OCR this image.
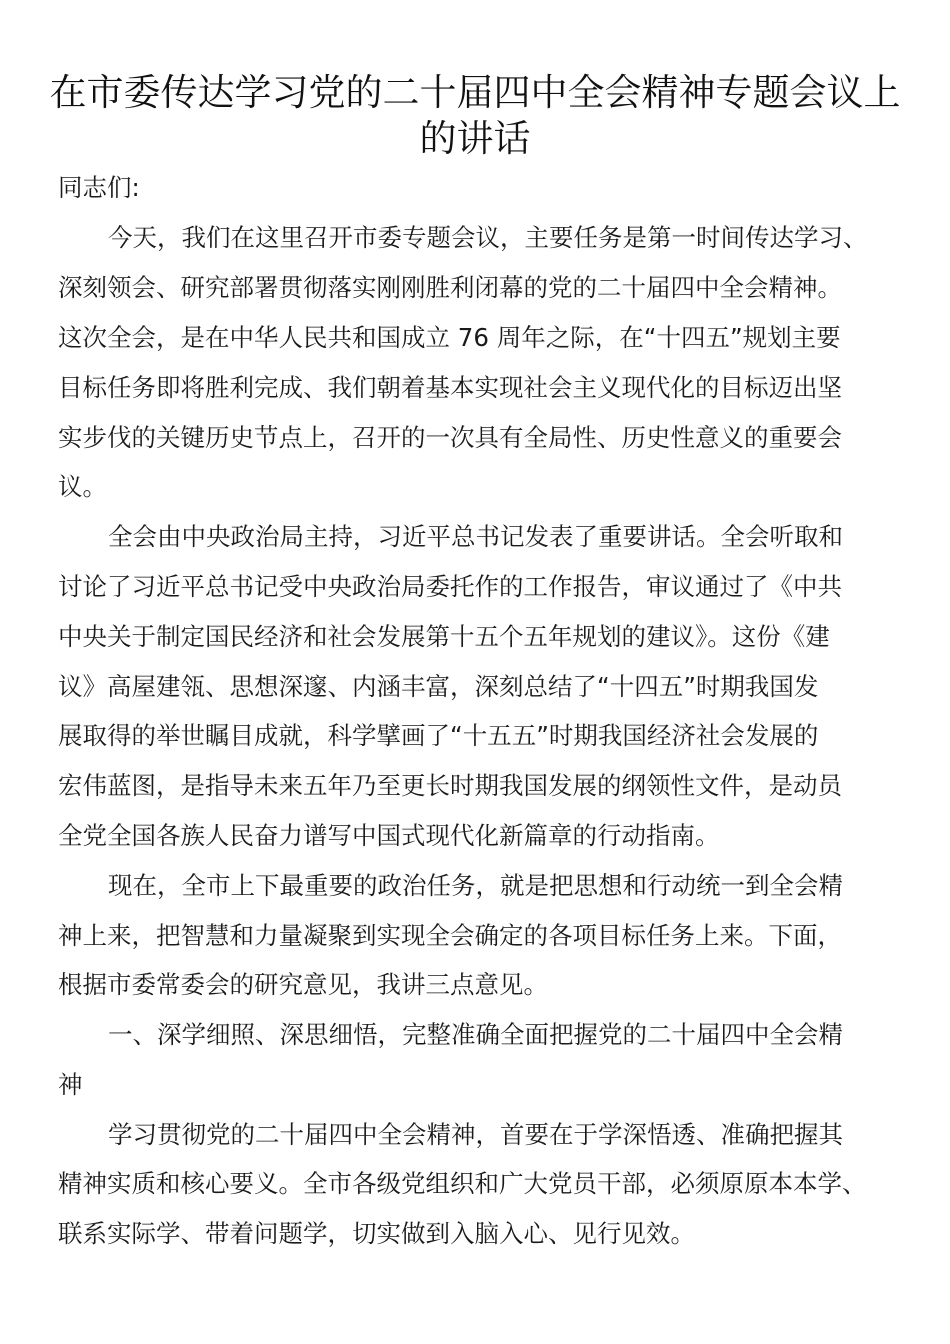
在市委传达学习党的二十届四中全会精神专题会议上
的讲话
同志们:
今天，我们在这里召开市委专题会议，主要任务是第一时间传达学习、
深刻领会、研究部署贯彻落实刚刚胜利闭幕的党的二十届四中全会精神。
这次全会，是在中华人民共和国成立 76 周年之际，在“十四五”规划主要
目标任务即将胜利完成、我们朝着基本实现社会主义现代化的目标迈出坚
实步伐的关键历史节点上，召开的一次具有全局性、历史性意义的重要会
议。
全会由中央政治局主持，习近平总书记发表了重要讲话。全会听取和
讨论了习近平总书记受中央政治局委托作的工作报告，审议通过了《中共
中央关于制定国民经济和社会发展第十五个五年规划的建议》。这份《建
议》高屋建瓴、思想深邃、内涵丰富，深刻总结了“十四五”时期我国发
展取得的举世瞩目成就，科学擘画了“十五五”时期我国经济社会发展的
宏伟蓝图，是指导未来五年乃至更长时期我国发展的纲领性文件，是动员
全党全国各族人民奋力谱写中国式现代化新篇章的行动指南。
现在，全市上下最重要的政治任务，就是把思想和行动统一到全会精
神上来，把智慧和力量凝聚到实现全会确定的各项目标任务上来。下面，
根据市委常委会的研究意见，我讲三点意见。
一、深学细照、深思细悟，完整准确全面把握党的二十届四中全会精
神
学习贯彻党的二十届四中全会精神，首要在于学深悟透、准确把握其
精神实质和核心要义。全市各级党组织和广大党员干部，必须原原本本学、
联系实际学、带着问题学，切实做到入脑入心、见行见效。
